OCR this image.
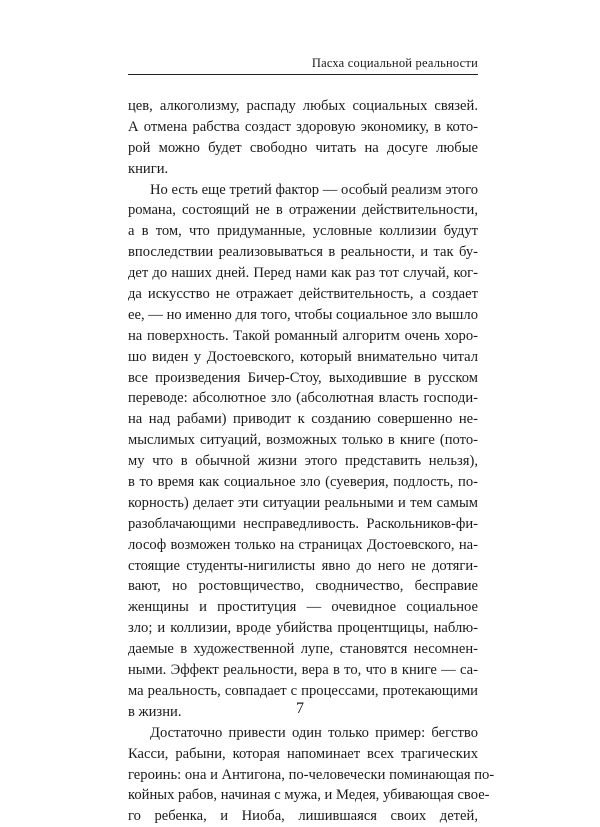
Пасха социальной реальности
цев, алкоголизму, распаду любых социальных связей.
А отмена рабства создаст здоровую экономику, в кото-
рой можно будет свободно читать на досуге любые
книги.
Но есть еще третий фактор — особый реализм этого
романа, состоящий не в отражении действительности,
а в том, что придуманные, условные коллизии будут
впоследствии реализовываться в реальности, и так бу-
дет до наших дней. Перед нами как раз тот случай, ког-
да искусство не отражает действительность, а создает
ее, — но именно для того, чтобы социальное зло вышло
на поверхность. Такой романный алгоритм очень хоро-
шо виден у Достоевского, который внимательно читал
все произведения Бичер-Стоу, выходившие в русском
переводе: абсолютное зло (абсолютная власть господи-
на над рабами) приводит к созданию совершенно не-
мыслимых ситуаций, возможных только в книге (пото-
му что в обычной жизни этого представить нельзя),
в то время как социальное зло (суеверия, подлость, по-
корность) делает эти ситуации реальными и тем самым
разоблачающими несправедливость. Раскольников-фи-
лософ возможен только на страницах Достоевского, на-
стоящие студенты-нигилисты явно до него не дотяги-
вают, но ростовщичество, сводничество, бесправие
женщины и проституция — очевидное социальное
зло; и коллизии, вроде убийства процентщицы, наблю-
даемые в художественной лупе, становятся несомнен-
ными. Эффект реальности, вера в то, что в книге — са-
ма реальность, совпадает с процессами, протекающими
в жизни.
Достаточно привести один только пример: бегство
Касси, рабыни, которая напоминает всех трагических
героинь: она и Антигона, по-человечески поминающая по-
койных рабов, начиная с мужа, и Медея, убивающая свое-
го ребенка, и Ниоба, лишившаяся своих детей,
7
